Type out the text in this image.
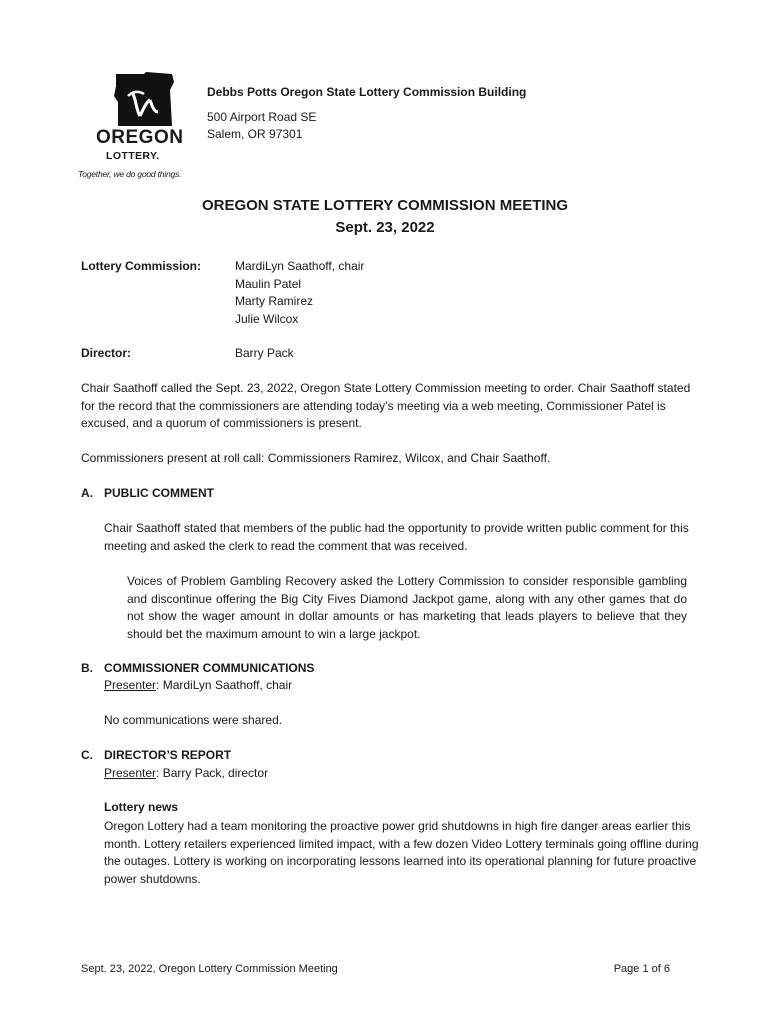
OREGON
LOTTERY.
Together, we do good things.
Debbs Potts Oregon State Lottery Commission Building
500 Airport Road SE
Salem, OR 97301
OREGON STATE LOTTERY COMMISSION MEETING
Sept. 23, 2022
Lottery Commission:	MardiLyn Saathoff, chair
Maulin Patel
Marty Ramirez
Julie Wilcox
Director:	Barry Pack

Chair Saathoff called the Sept. 23, 2022, Oregon State Lottery Commission meeting to order. Chair Saathoff stated for the record that the commissioners are attending today’s meeting via a web meeting, Commissioner Patel is excused, and a quorum of commissioners is present.

Commissioners present at roll call: Commissioners Ramirez, Wilcox, and Chair Saathoff.

A. PUBLIC COMMENT

Chair Saathoff stated that members of the public had the opportunity to provide written public comment for this meeting and asked the clerk to read the comment that was received.

Voices of Problem Gambling Recovery asked the Lottery Commission to consider responsible gambling and discontinue offering the Big City Fives Diamond Jackpot game, along with any other games that do not show the wager amount in dollar amounts or has marketing that leads players to believe that they should bet the maximum amount to win a large jackpot.

B. COMMISSIONER COMMUNICATIONS
Presenter: MardiLyn Saathoff, chair

No communications were shared.

C. DIRECTOR’S REPORT
Presenter: Barry Pack, director
Lottery news

Oregon Lottery had a team monitoring the proactive power grid shutdowns in high fire danger areas earlier this month. Lottery retailers experienced limited impact, with a few dozen Video Lottery terminals going offline during the outages. Lottery is working on incorporating lessons learned into its operational planning for future proactive power shutdowns.

Sept. 23, 2022, Oregon Lottery Commission Meeting	Page 1 of 6
